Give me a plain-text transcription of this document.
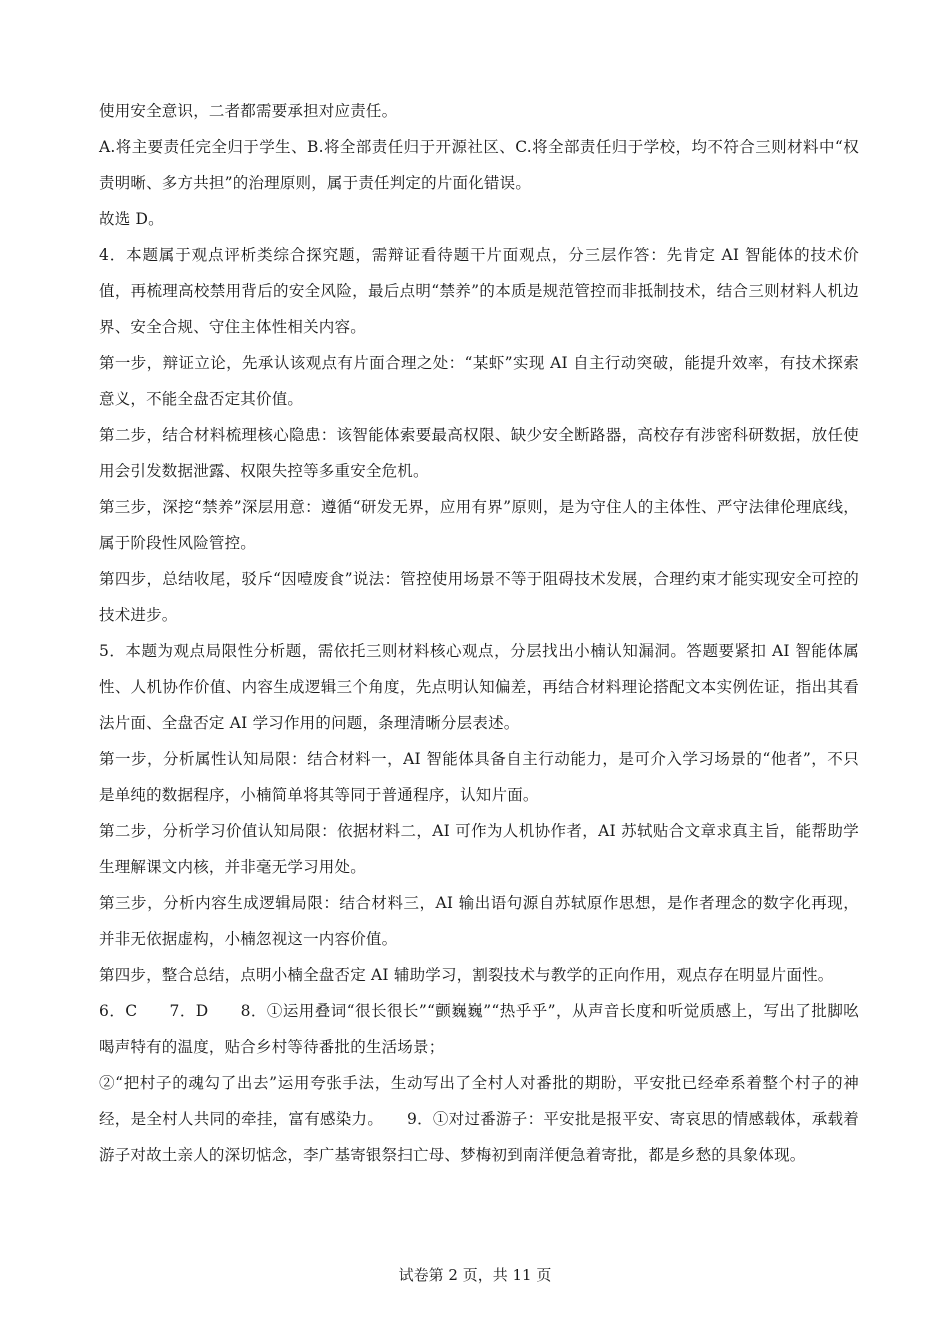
使用安全意识，二者都需要承担对应责任。

A.将主要责任完全归于学生、B.将全部责任归于开源社区、C.将全部责任归于学校，均不符合三则材料中“权责明晰、多方共担”的治理原则，属于责任判定的片面化错误。

故选 D。

4．本题属于观点评析类综合探究题，需辩证看待题干片面观点，分三层作答：先肯定 AI 智能体的技术价值，再梳理高校禁用背后的安全风险，最后点明“禁养”的本质是规范管控而非抵制技术，结合三则材料人机边界、安全合规、守住主体性相关内容。

第一步，辩证立论，先承认该观点有片面合理之处：“某虾”实现 AI 自主行动突破，能提升效率，有技术探索意义，不能全盘否定其价值。

第二步，结合材料梳理核心隐患：该智能体索要最高权限、缺少安全断路器，高校存有涉密科研数据，放任使用会引发数据泄露、权限失控等多重安全危机。

第三步，深挖“禁养”深层用意：遵循“研发无界，应用有界”原则，是为守住人的主体性、严守法律伦理底线，属于阶段性风险管控。

第四步，总结收尾，驳斥“因噎废食”说法：管控使用场景不等于阻碍技术发展，合理约束才能实现安全可控的技术进步。

5．本题为观点局限性分析题，需依托三则材料核心观点，分层找出小楠认知漏洞。答题要紧扣 AI 智能体属性、人机协作价值、内容生成逻辑三个角度，先点明认知偏差，再结合材料理论搭配文本实例佐证，指出其看法片面、全盘否定 AI 学习作用的问题，条理清晰分层表述。

第一步，分析属性认知局限：结合材料一，AI 智能体具备自主行动能力，是可介入学习场景的“他者”，不只是单纯的数据程序，小楠简单将其等同于普通程序，认知片面。

第二步，分析学习价值认知局限：依据材料二，AI 可作为人机协作者，AI 苏轼贴合文章求真主旨，能帮助学生理解课文内核，并非毫无学习用处。

第三步，分析内容生成逻辑局限：结合材料三，AI 输出语句源自苏轼原作思想，是作者理念的数字化再现，并非无依据虚构，小楠忽视这一内容价值。

第四步，整合总结，点明小楠全盘否定 AI 辅助学习，割裂技术与教学的正向作用，观点存在明显片面性。

6．C　　7．D　　8．①运用叠词“很长很长”“颤巍巍”“热乎乎”，从声音长度和听觉质感上，写出了批脚吆喝声特有的温度，贴合乡村等待番批的生活场景；

②“把村子的魂勾了出去”运用夸张手法，生动写出了全村人对番批的期盼，平安批已经牵系着整个村子的神经，是全村人共同的牵挂，富有感染力。　　9．①对过番游子：平安批是报平安、寄哀思的情感载体，承载着游子对故土亲人的深切惦念，李广基寄银祭扫亡母、梦梅初到南洋便急着寄批，都是乡愁的具象体现。

试卷第 2 页，共 11 页
